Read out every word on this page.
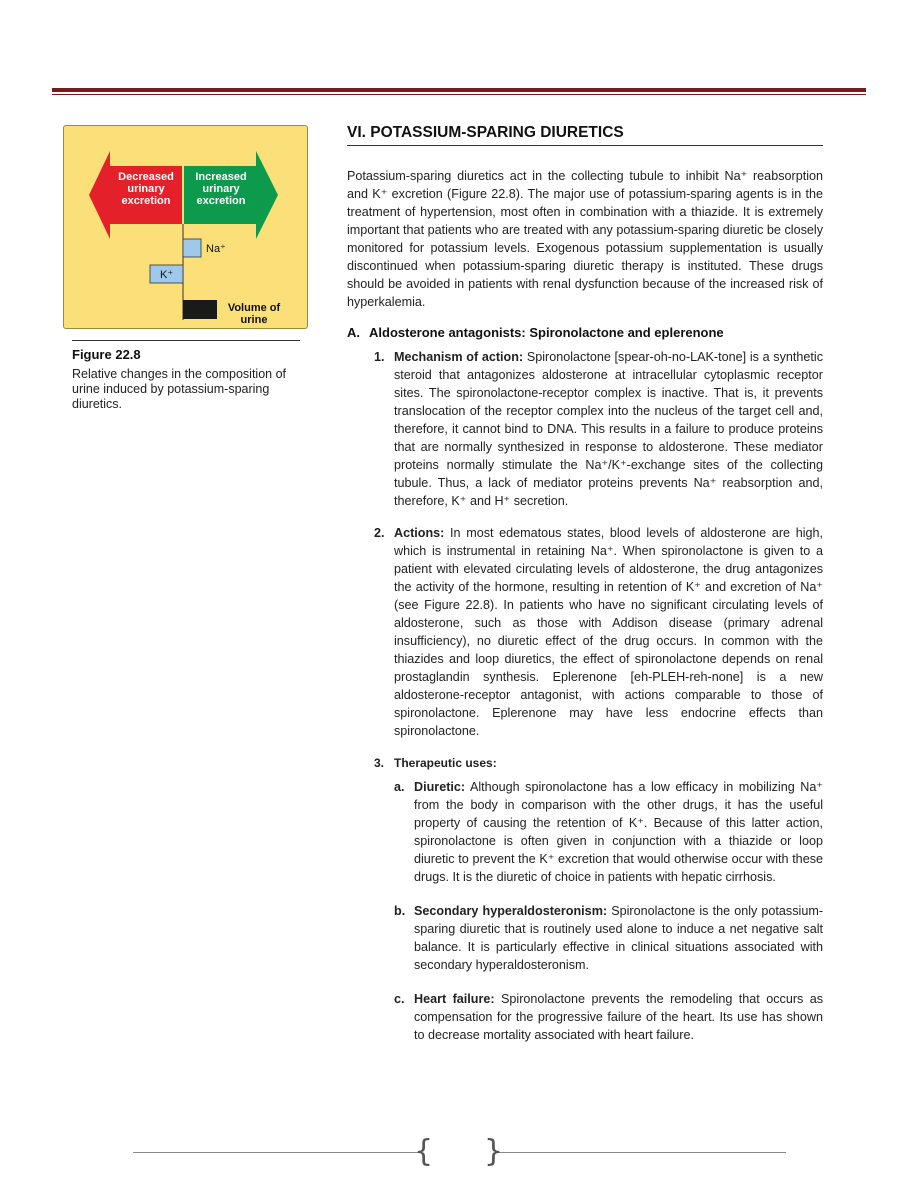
Decreased
urinary
excretion
Increased
urinary
excretion
Na⁺
K⁺
Volume of
urine
Figure 22.8
Relative changes in the composition of urine induced by potassium-sparing diuretics.
VI. POTASSIUM-SPARING DIURETICS

Potassium-sparing diuretics act in the collecting tubule to inhibit Na⁺ reabsorption and K⁺ excretion (Figure 22.8). The major use of potassium-sparing agents is in the treatment of hypertension, most often in combination with a thiazide. It is extremely important that patients who are treated with any potassium-sparing diuretic be closely monitored for potassium levels. Exogenous potassium supplementation is usually discontinued when potassium-sparing diuretic therapy is instituted. These drugs should be avoided in patients with renal dysfunction because of the increased risk of hyperkalemia.

A. Aldosterone antagonists: Spironolactone and eplerenone
1. Mechanism of action: Spironolactone [spear-oh-no-LAK-tone] is a synthetic steroid that antagonizes aldosterone at intracellular cytoplasmic receptor sites. The spironolactone-receptor complex is inactive. That is, it prevents translocation of the receptor complex into the nucleus of the target cell and, therefore, it cannot bind to DNA. This results in a failure to produce proteins that are normally synthesized in response to aldosterone. These mediator proteins normally stimulate the Na⁺/K⁺-exchange sites of the collecting tubule. Thus, a lack of mediator proteins prevents Na⁺ reabsorption and, therefore, K⁺ and H⁺ secretion.

2. Actions: In most edematous states, blood levels of aldosterone are high, which is instrumental in retaining Na⁺. When spironolactone is given to a patient with elevated circulating levels of aldosterone, the drug antagonizes the activity of the hormone, resulting in retention of K⁺ and excretion of Na⁺ (see Figure 22.8). In patients who have no significant circulating levels of aldosterone, such as those with Addison disease (primary adrenal insufficiency), no diuretic effect of the drug occurs. In common with the thiazides and loop diuretics, the effect of spironolactone depends on renal prostaglandin synthesis. Eplerenone [eh-PLEH-reh-none] is a new aldosterone-receptor antagonist, with actions comparable to those of spironolactone. Eplerenone may have less endocrine effects than spironolactone.

3. Therapeutic uses:
a. Diuretic: Although spironolactone has a low efficacy in mobilizing Na⁺ from the body in comparison with the other drugs, it has the useful property of causing the retention of K⁺. Because of this latter action, spironolactone is often given in conjunction with a thiazide or loop diuretic to prevent the K⁺ excretion that would otherwise occur with these drugs. It is the diuretic of choice in patients with hepatic cirrhosis.

b. Secondary hyperaldosteronism: Spironolactone is the only potassium-sparing diuretic that is routinely used alone to induce a net negative salt balance. It is particularly effective in clinical situations associated with secondary hyperaldosteronism.

c. Heart failure: Spironolactone prevents the remodeling that occurs as compensation for the progressive failure of the heart. Its use has shown to decrease mortality associated with heart failure.

{ }
